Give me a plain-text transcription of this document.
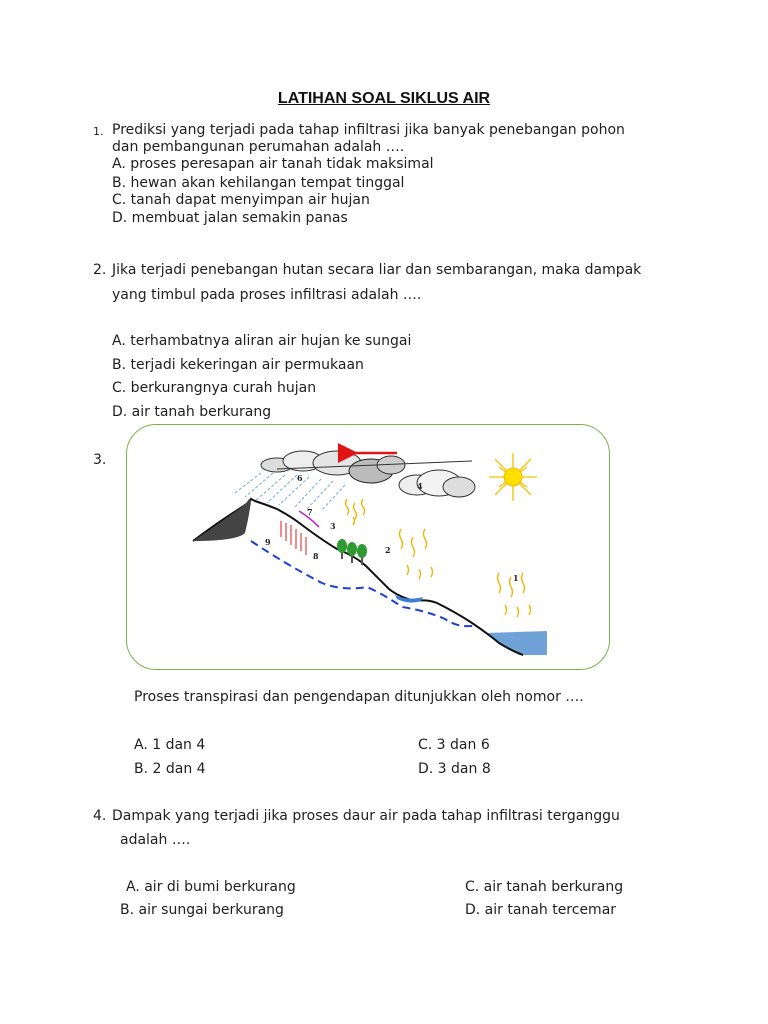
LATIHAN SOAL SIKLUS AIR
1. Prediksi yang terjadi pada tahap infiltrasi jika banyak penebangan pohon
dan pembangunan perumahan adalah ….
A. proses peresapan air tanah tidak maksimal
B. hewan akan kehilangan tempat tinggal
C. tanah dapat menyimpan air hujan
D. membuat jalan semakin panas
2. Jika terjadi penebangan hutan secara liar dan sembarangan, maka dampak
yang timbul pada proses infiltrasi adalah ….
A. terhambatnya aliran air hujan ke sungai
B. terjadi kekeringan air permukaan
C. berkurangnya curah hujan
D. air tanah berkurang
3.
1
2
3
4
6
7
8
9
Proses transpirasi dan pengendapan ditunjukkan oleh nomor ….
A. 1 dan 4
B. 2 dan 4
C. 3 dan 6
D. 3 dan 8
4. Dampak yang terjadi jika proses daur air pada tahap infiltrasi terganggu
adalah ….
A. air di bumi berkurang
B. air sungai berkurang
C. air tanah berkurang
D. air tanah tercemar
